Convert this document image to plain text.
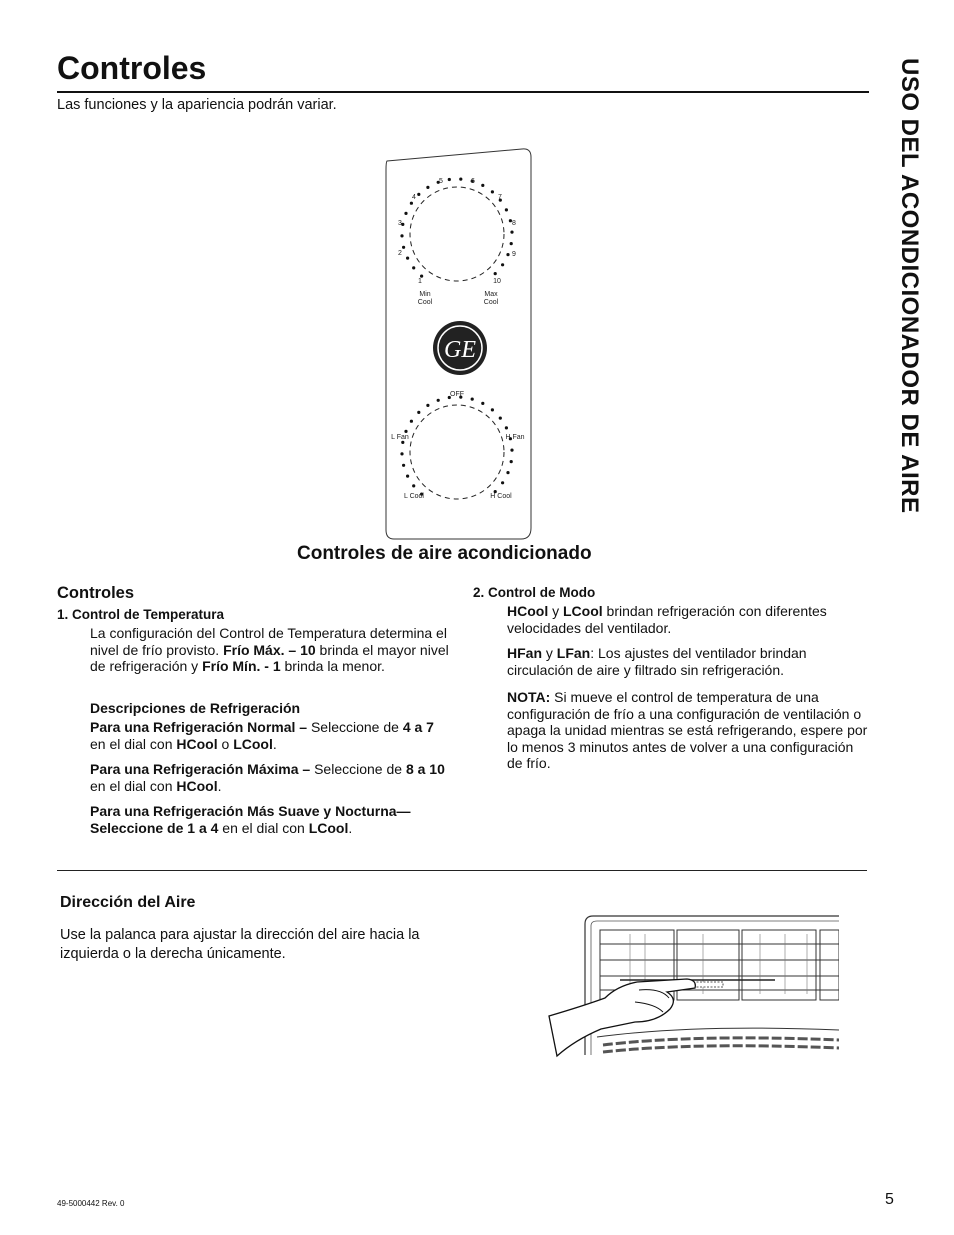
Controles
Las funciones y la apariencia podrán variar.	USO DEL ACONDICIONADOR DE AIRE
1
2
3
4
5	6
7
8
9
10
Min
Cool
Max
Cool
GE
OFF
L Fan	H Fan
L Cool	H Cool
Controles de aire acondicionado
Controles
1. Control de Temperatura
La configuración del Control de Temperatura determina el nivel de frío provisto. Frío Máx. – 10 brinda el mayor nivel de refrigeración y Frío Mín. - 1 brinda la menor.
Descripciones de Refrigeración
Para una Refrigeración Normal – Seleccione de 4 a 7 en el dial con HCool o LCool.
Para una Refrigeración Máxima – Seleccione de 8 a 10 en el dial con HCool.
Para una Refrigeración Más Suave y Nocturna— Seleccione de 1 a 4 en el dial con LCool.
2. Control de Modo
HCool y LCool brindan refrigeración con diferentes velocidades del ventilador.
HFan y LFan: Los ajustes del ventilador brindan circulación de aire y filtrado sin refrigeración.
NOTA: Si mueve el control de temperatura de una configuración de frío a una configuración de ventilación o apaga la unidad mientras se está refrigerando, espere por lo menos 3 minutos antes de volver a una configuración de frío.
Dirección del Aire
Use la palanca para ajustar la dirección del aire hacia la izquierda o la derecha únicamente.
49-5000442 Rev. 0	5
